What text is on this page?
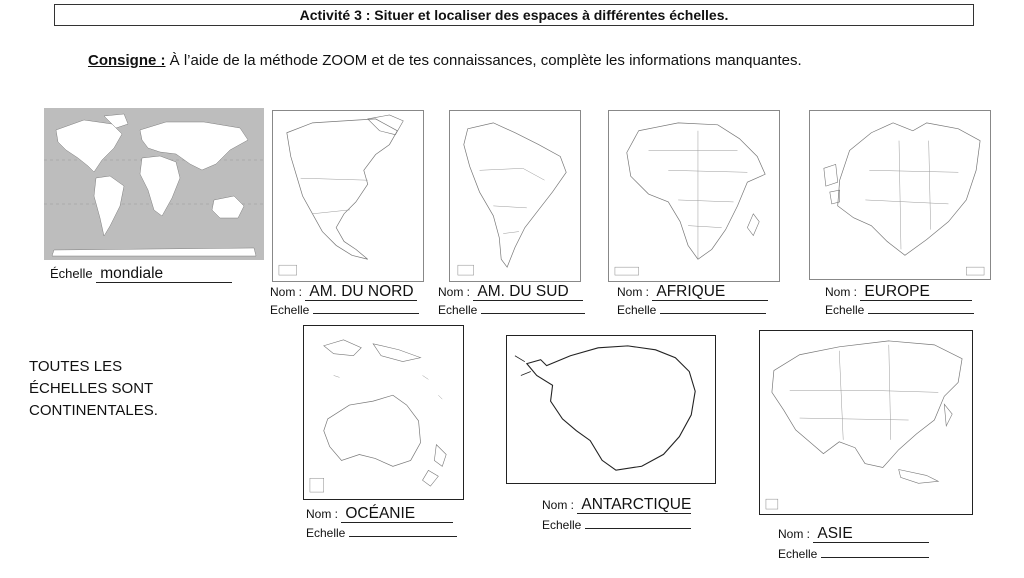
Activité 3 : Situer et localiser des espaces à différentes échelles.
Consigne : À l’aide de la méthode ZOOM et de tes connaissances, complète les informations manquantes.
Échelle mondiale
Nom : AM. DU NORD
Echelle
Nom : AM. DU SUD
Echelle
Nom : AFRIQUE
Echelle
Nom : EUROPE
Echelle
TOUTES LES
ÉCHELLES SONT
CONTINENTALES.
Nom : OCÉANIE
Echelle
Nom : ANTARCTIQUE
Echelle
Nom : ASIE
Echelle
